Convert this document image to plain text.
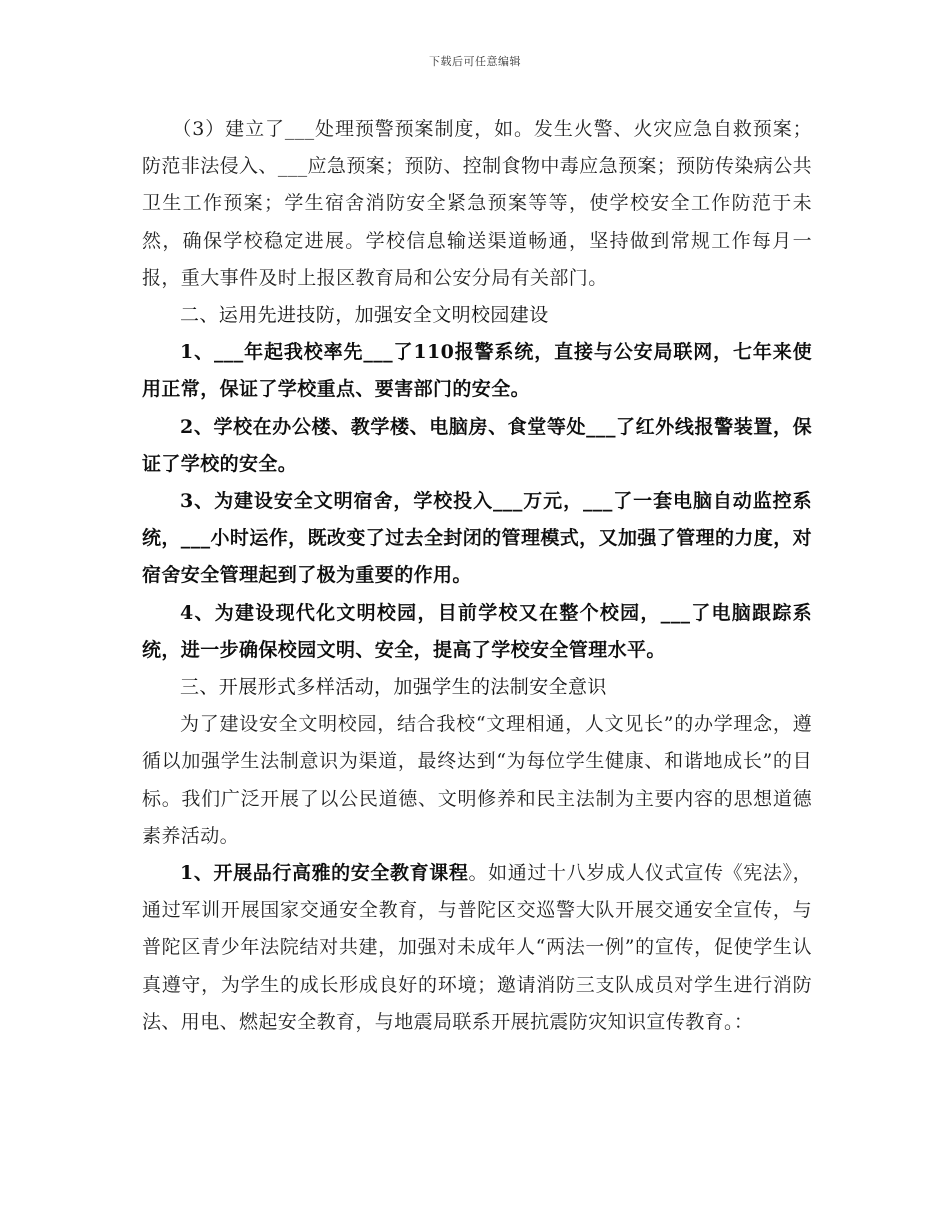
下载后可任意编辑

（3）建立了___处理预警预案制度，如。发生火警、火灾应急自救预案；防范非法侵入、___应急预案；预防、控制食物中毒应急预案；预防传染病公共卫生工作预案；学生宿舍消防安全紧急预案等等，使学校安全工作防范于未然，确保学校稳定进展。学校信息输送渠道畅通，坚持做到常规工作每月一报，重大事件及时上报区教育局和公安分局有关部门。

二、运用先进技防，加强安全文明校园建设

1、___年起我校率先___了110报警系统，直接与公安局联网，七年来使用正常，保证了学校重点、要害部门的安全。

2、学校在办公楼、教学楼、电脑房、食堂等处___了红外线报警装置，保证了学校的安全。

3、为建设安全文明宿舍，学校投入___万元，___了一套电脑自动监控系统，___小时运作，既改变了过去全封闭的管理模式，又加强了管理的力度，对宿舍安全管理起到了极为重要的作用。

4、为建设现代化文明校园，目前学校又在整个校园，___了电脑跟踪系统，进一步确保校园文明、安全，提高了学校安全管理水平。

三、开展形式多样活动，加强学生的法制安全意识

为了建设安全文明校园，结合我校“文理相通，人文见长”的办学理念，遵循以加强学生法制意识为渠道，最终达到“为每位学生健康、和谐地成长”的目标。我们广泛开展了以公民道德、文明修养和民主法制为主要内容的思想道德素养活动。

1、开展品行高雅的安全教育课程。如通过十八岁成人仪式宣传《宪法》，通过军训开展国家交通安全教育，与普陀区交巡警大队开展交通安全宣传，与普陀区青少年法院结对共建，加强对未成年人“两法一例”的宣传，促使学生认真遵守，为学生的成长形成良好的环境；邀请消防三支队成员对学生进行消防法、用电、燃起安全教育，与地震局联系开展抗震防灾知识宣传教育。：
